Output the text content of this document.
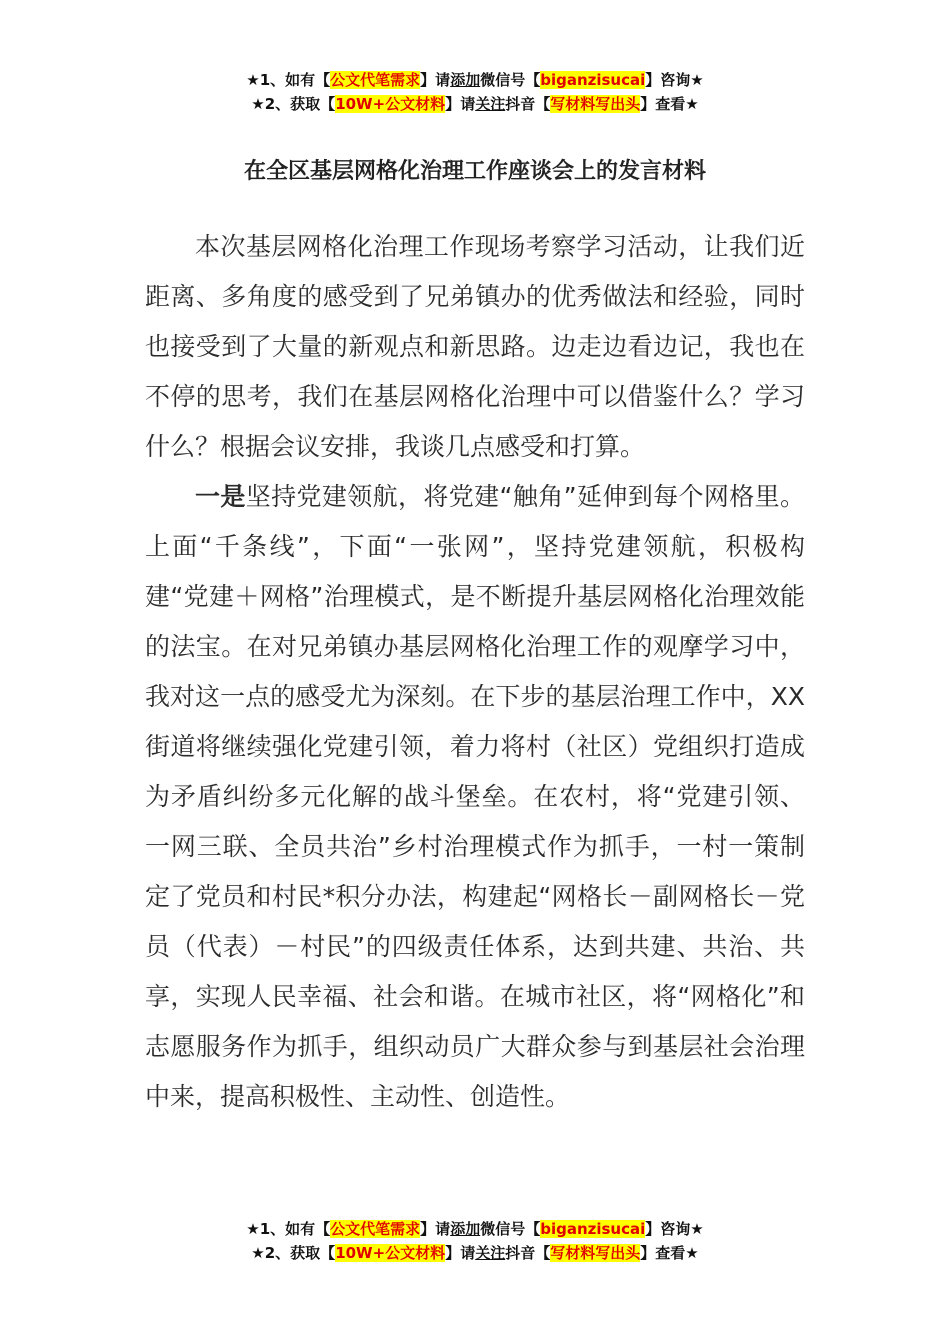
★1、如有【公文代笔需求】请添加微信号【biganzisucai】咨询★
★2、获取【10W+公文材料】请关注抖音【写材料写出头】查看★
在全区基层网格化治理工作座谈会上的发言材料

本次基层网格化治理工作现场考察学习活动，让我们近距离、多角度的感受到了兄弟镇办的优秀做法和经验，同时也接受到了大量的新观点和新思路。边走边看边记，我也在不停的思考，我们在基层网格化治理中可以借鉴什么？学习什么？根据会议安排，我谈几点感受和打算。

一是坚持党建领航，将党建“触角”延伸到每个网格里。上面“千条线”，下面“一张网”，坚持党建领航，积极构建“党建＋网格”治理模式，是不断提升基层网格化治理效能的法宝。在对兄弟镇办基层网格化治理工作的观摩学习中，我对这一点的感受尤为深刻。在下步的基层治理工作中，XX街道将继续强化党建引领，着力将村（社区）党组织打造成为矛盾纠纷多元化解的战斗堡垒。在农村，将“党建引领、一网三联、全员共治”乡村治理模式作为抓手，一村一策制定了党员和村民*积分办法，构建起“网格长－副网格长－党员（代表）－村民”的四级责任体系，达到共建、共治、共享，实现人民幸福、社会和谐。在城市社区，将“网格化”和志愿服务作为抓手，组织动员广大群众参与到基层社会治理中来，提高积极性、主动性、创造性。

★1、如有【公文代笔需求】请添加微信号【biganzisucai】咨询★
★2、获取【10W+公文材料】请关注抖音【写材料写出头】查看★
